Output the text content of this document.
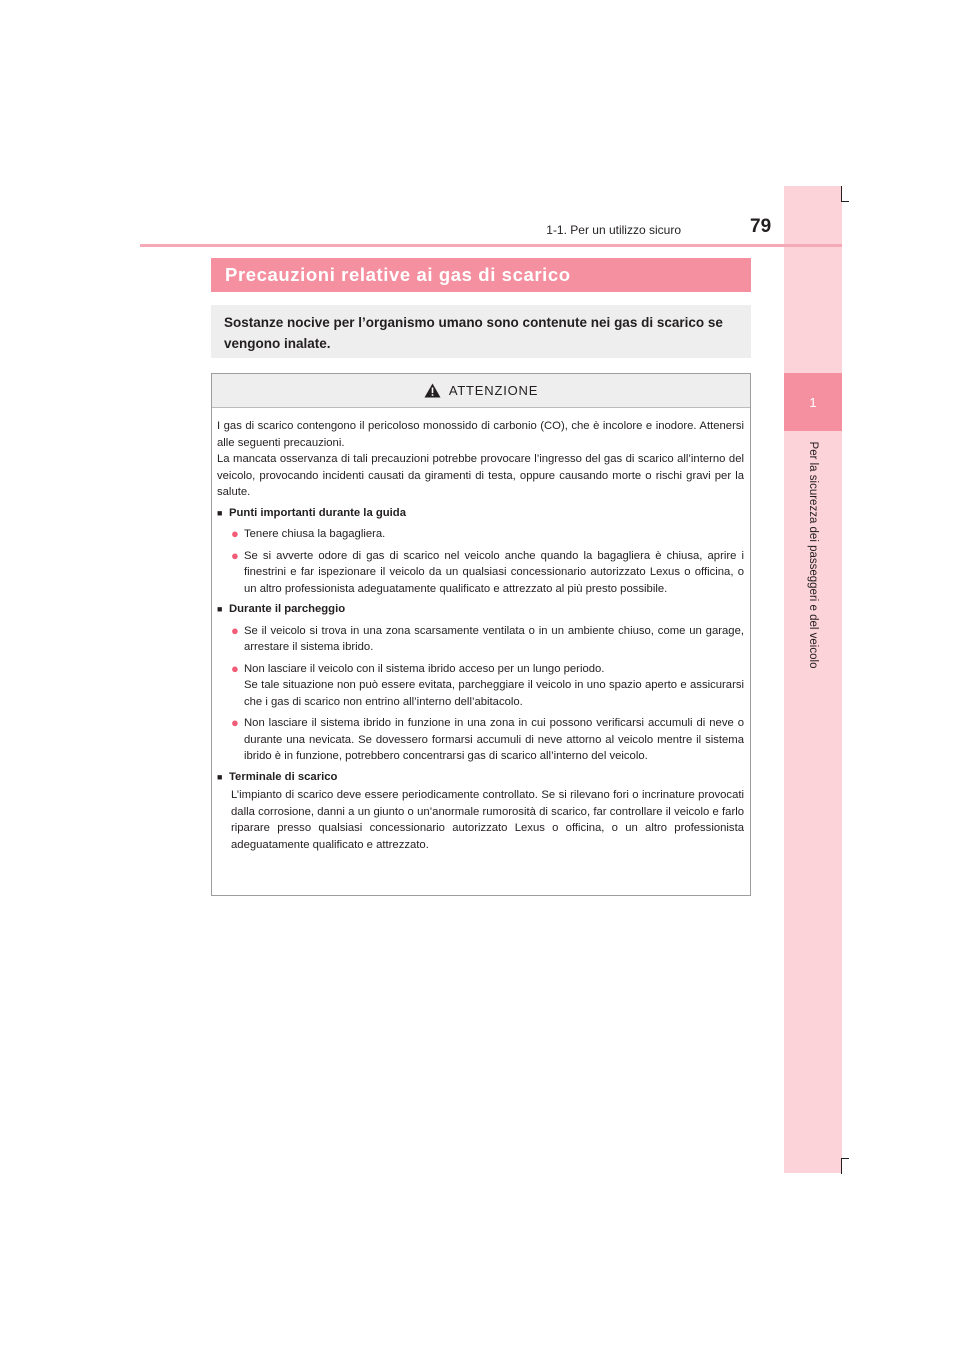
1
Per la sicurezza dei passeggeri e del veicolo
1-1. Per un utilizzo sicuro	79
Precauzioni relative ai gas di scarico
Sostanze nocive per l’organismo umano sono contenute nei gas di scarico se vengono inalate.
ATTENZIONE

I gas di scarico contengono il pericoloso monossido di carbonio (CO), che è incolore e inodore. Attenersi alle seguenti precauzioni.

La mancata osservanza di tali precauzioni potrebbe provocare l’ingresso del gas di scarico all’interno del veicolo, provocando incidenti causati da giramenti di testa, oppure causando morte o rischi gravi per la salute.

■ Punti importanti durante la guida
● Tenere chiusa la bagagliera.
● Se si avverte odore di gas di scarico nel veicolo anche quando la bagagliera è chiusa, aprire i finestrini e far ispezionare il veicolo da un qualsiasi concessionario autorizzato Lexus o officina, o un altro professionista adeguatamente qualificato e attrezzato al più presto possibile.
■ Durante il parcheggio
● Se il veicolo si trova in una zona scarsamente ventilata o in un ambiente chiuso, come un garage, arrestare il sistema ibrido.
● Non lasciare il veicolo con il sistema ibrido acceso per un lungo periodo.
Se tale situazione non può essere evitata, parcheggiare il veicolo in uno spazio aperto e assicurarsi che i gas di scarico non entrino all’interno dell’abitacolo.
● Non lasciare il sistema ibrido in funzione in una zona in cui possono verificarsi accumuli di neve o durante una nevicata. Se dovessero formarsi accumuli di neve attorno al veicolo mentre il sistema ibrido è in funzione, potrebbero concentrarsi gas di scarico all’interno del veicolo.
■ Terminale di scarico
L’impianto di scarico deve essere periodicamente controllato. Se si rilevano fori o incrinature provocati dalla corrosione, danni a un giunto o un’anormale rumorosità di scarico, far controllare il veicolo e farlo riparare presso qualsiasi concessionario autorizzato Lexus o officina, o un altro professionista adeguatamente qualificato e attrezzato.
